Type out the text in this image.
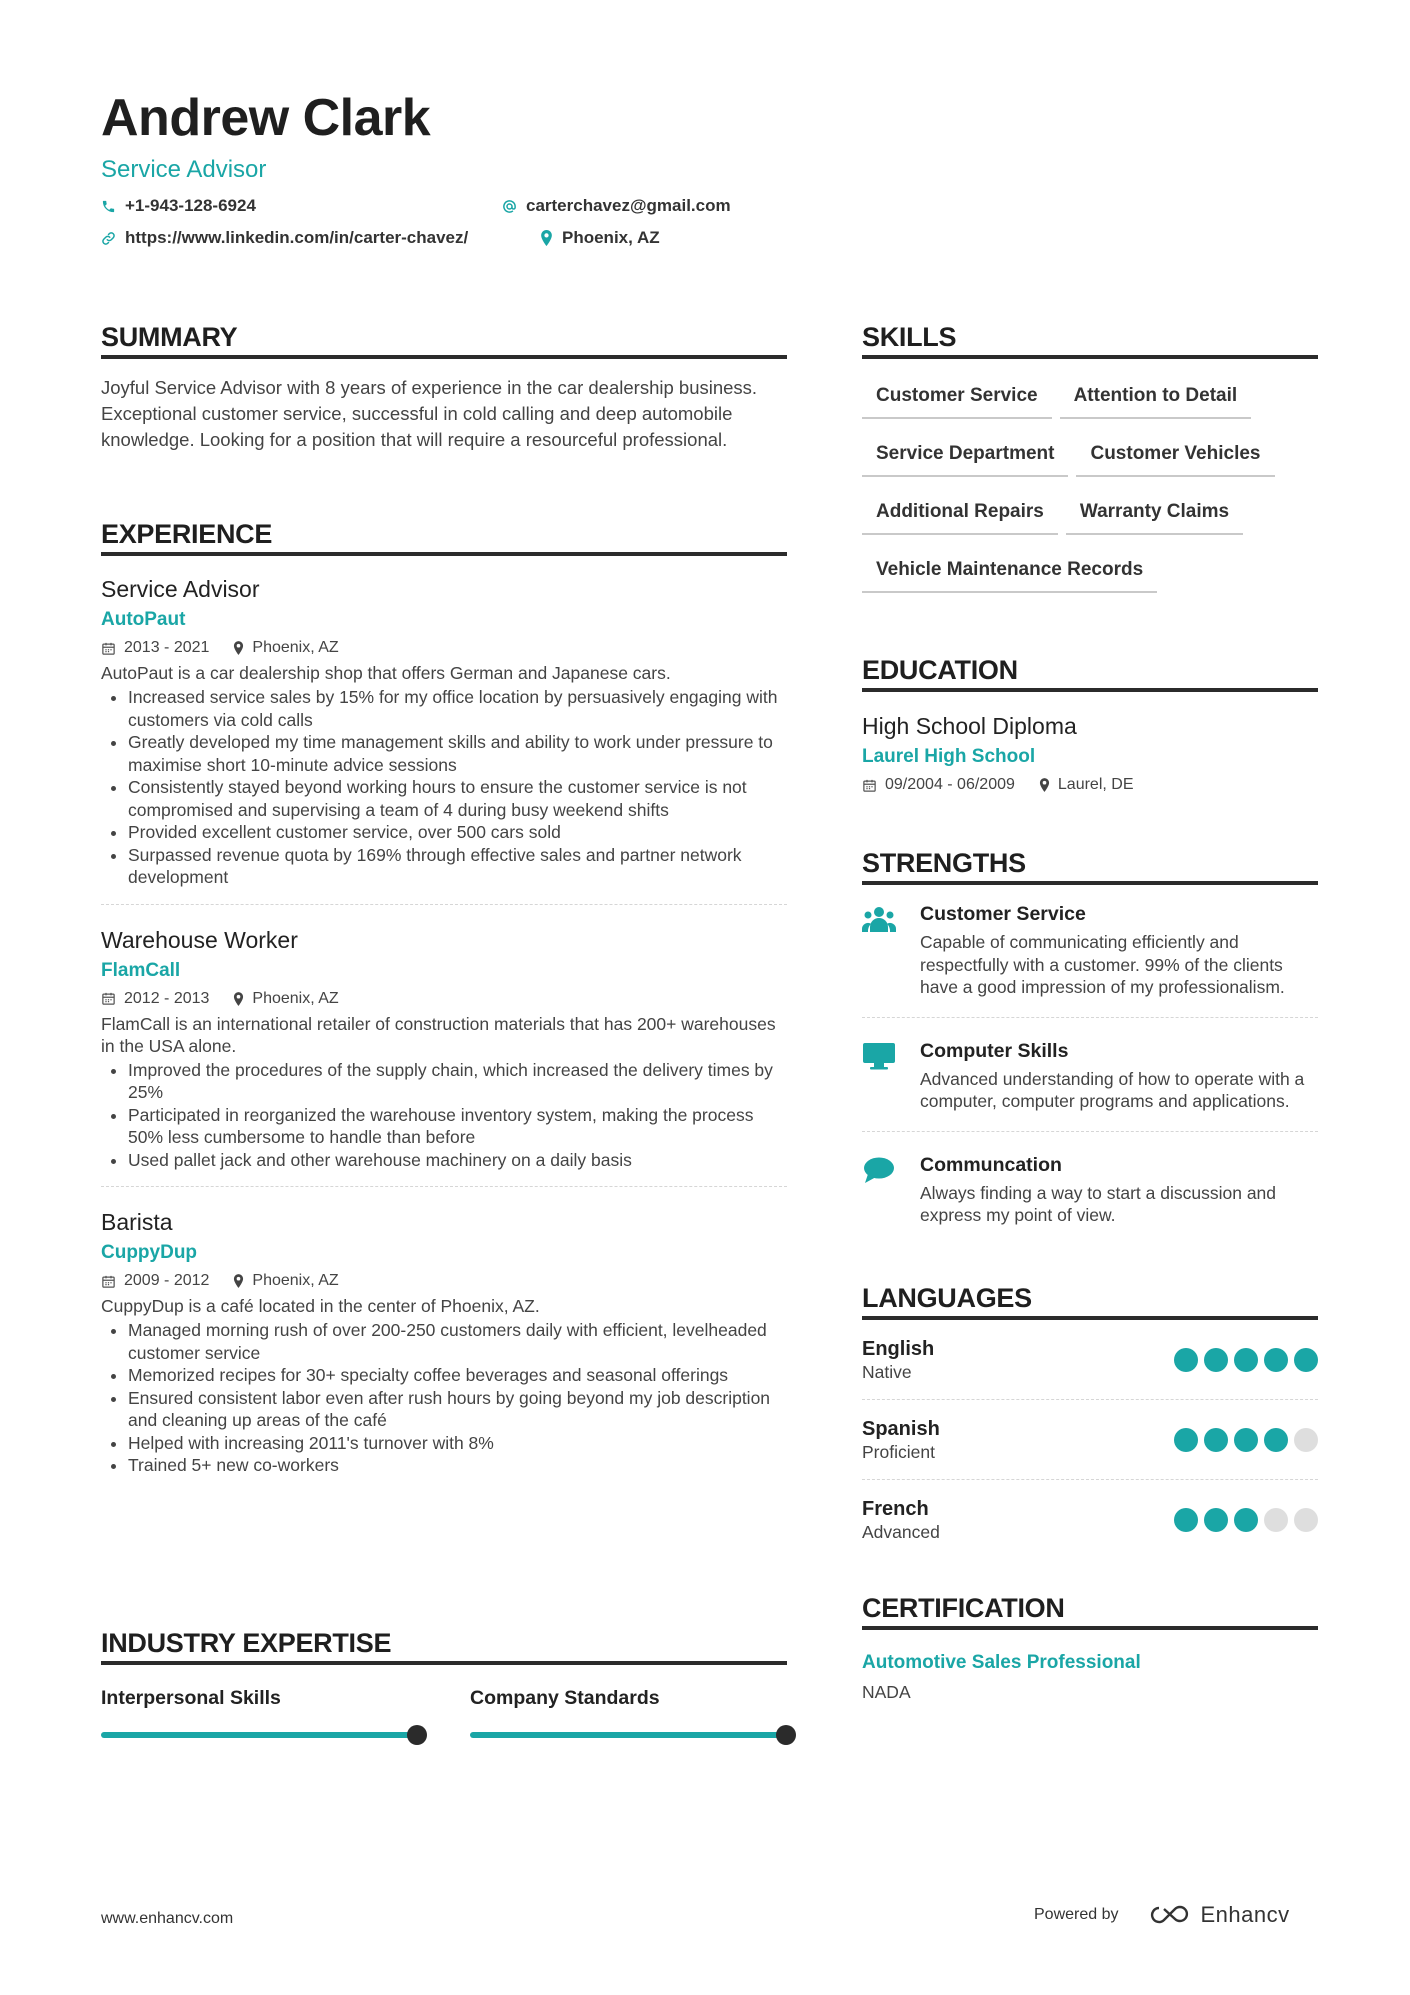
Andrew Clark
Service Advisor
+1-943-128-6924	carterchavez@gmail.com
https://www.linkedin.com/in/carter-chavez/	Phoenix, AZ
SUMMARY
Joyful Service Advisor with 8 years of experience in the car dealership business. Exceptional customer service, successful in cold calling and deep automobile knowledge. Looking for a position that will require a resourceful professional.
EXPERIENCE
Service Advisor
AutoPaut
2013 - 2021	Phoenix, AZ
AutoPaut is a car dealership shop that offers German and Japanese cars.
• Increased service sales by 15% for my office location by persuasively engaging with customers via cold calls
• Greatly developed my time management skills and ability to work under pressure to maximise short 10-minute advice sessions
• Consistently stayed beyond working hours to ensure the customer service is not compromised and supervising a team of 4 during busy weekend shifts
• Provided excellent customer service, over 500 cars sold
• Surpassed revenue quota by 169% through effective sales and partner network development
Warehouse Worker
FlamCall
2012 - 2013	Phoenix, AZ
FlamCall is an international retailer of construction materials that has 200+ warehouses in the USA alone.
• Improved the procedures of the supply chain, which increased the delivery times by 25%
• Participated in reorganized the warehouse inventory system, making the process 50% less cumbersome to handle than before
• Used pallet jack and other warehouse machinery on a daily basis
Barista
CuppyDup
2009 - 2012	Phoenix, AZ
CuppyDup is a café located in the center of Phoenix, AZ.
• Managed morning rush of over 200-250 customers daily with efficient, levelheaded customer service
• Memorized recipes for 30+ specialty coffee beverages and seasonal offerings
• Ensured consistent labor even after rush hours by going beyond my job description and cleaning up areas of the café
• Helped with increasing 2011's turnover with 8%
• Trained 5+ new co-workers
INDUSTRY EXPERTISE
Interpersonal Skills	Company Standards
SKILLS
Customer Service	Attention to Detail
Service Department	Customer Vehicles
Additional Repairs	Warranty Claims
Vehicle Maintenance Records
EDUCATION
High School Diploma
Laurel High School
09/2004 - 06/2009	Laurel, DE
STRENGTHS
Customer Service
Capable of communicating efficiently and respectfully with a customer. 99% of the clients have a good impression of my professionalism.
Computer Skills
Advanced understanding of how to operate with a computer, computer programs and applications.
Communcation
Always finding a way to start a discussion and express my point of view.
LANGUAGES
English
Native
Spanish
Proficient
French
Advanced
CERTIFICATION
Automotive Sales Professional
NADA
www.enhancv.com	Powered by	Enhancv
